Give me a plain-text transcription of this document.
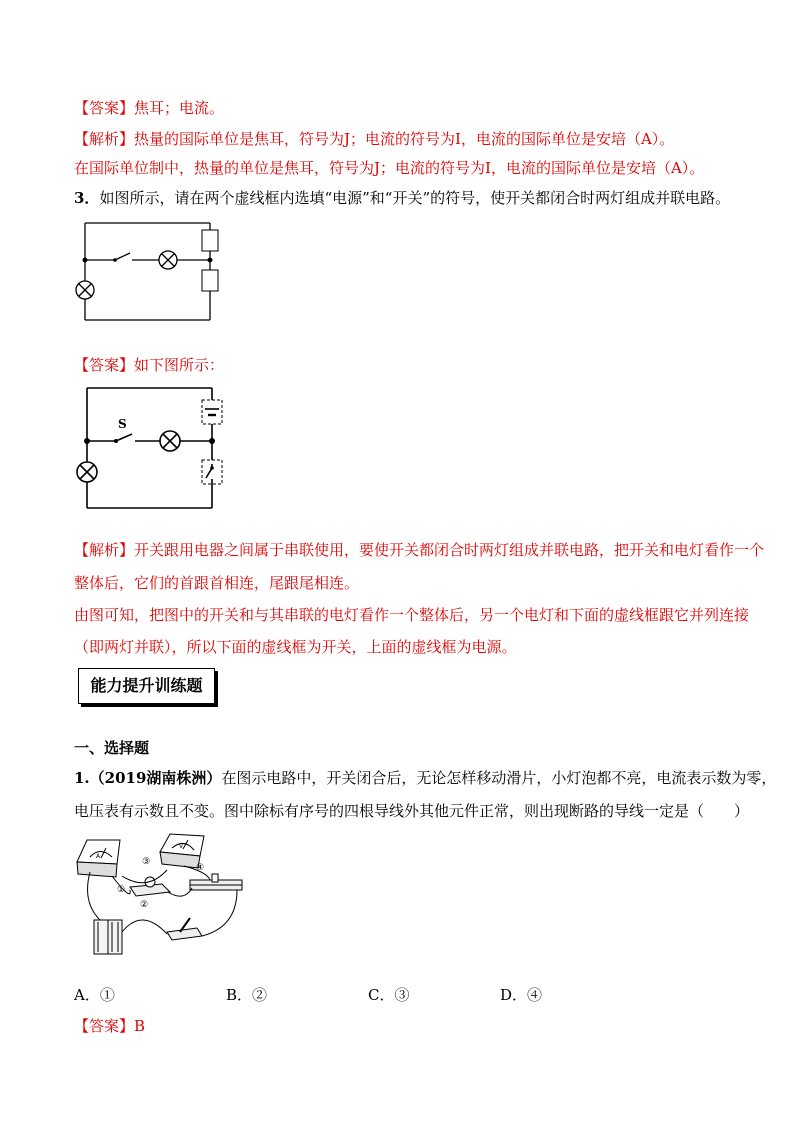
【答案】焦耳；电流。
【解析】热量的国际单位是焦耳，符号为J；电流的符号为I，电流的国际单位是安培（A）。
在国际单位制中，热量的单位是焦耳，符号为J；电流的符号为I，电流的国际单位是安培（A）。
3．如图所示，请在两个虚线框内选填“电源”和“开关”的符号，使开关都闭合时两灯组成并联电路。
【答案】如下图所示：
S
【解析】开关跟用电器之间属于串联使用，要使开关都闭合时两灯组成并联电路，把开关和电灯看作一个
整体后，它们的首跟首相连，尾跟尾相连。
由图可知，把图中的开关和与其串联的电灯看作一个整体后，另一个电灯和下面的虚线框跟它并列连接
（即两灯并联），所以下面的虚线框为开关，上面的虚线框为电源。
能力提升训练题
一、选择题
1.（2019湖南株洲）在图示电路中，开关闭合后，无论怎样移动滑片，小灯泡都不亮，电流表示数为零，
电压表有示数且不变。图中除标有序号的四根导线外其他元件正常，则出现断路的导线一定是（　　）
A
V
①
②
③
④
A．①	B．②	C．③	D．④
【答案】B
